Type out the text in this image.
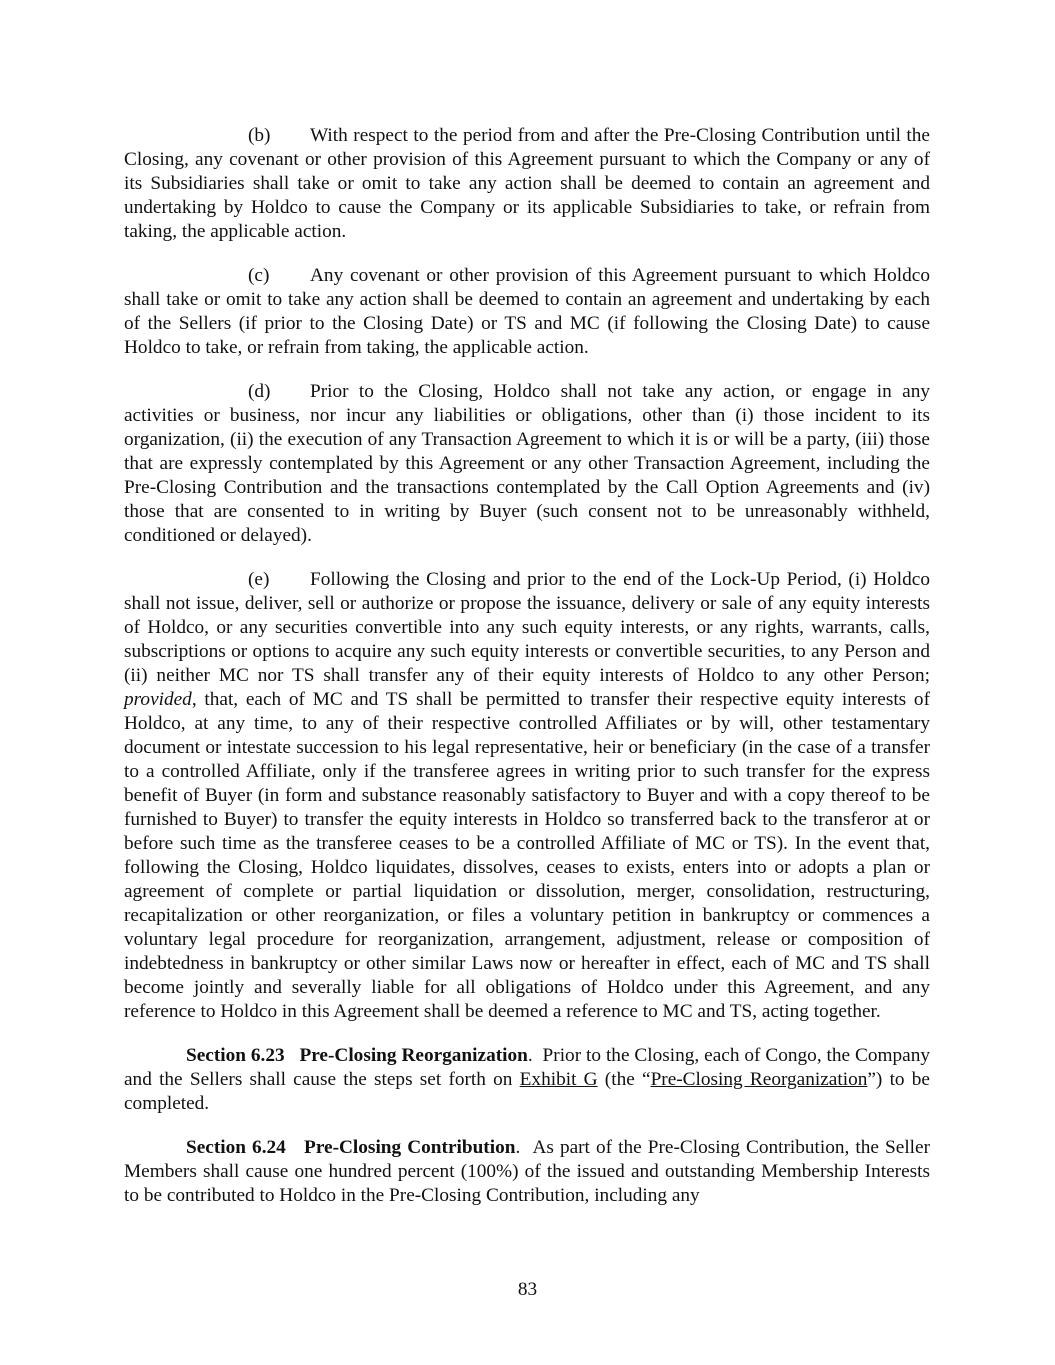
(b) With respect to the period from and after the Pre-Closing Contribution until the Closing, any covenant or other provision of this Agreement pursuant to which the Company or any of its Subsidiaries shall take or omit to take any action shall be deemed to contain an agreement and undertaking by Holdco to cause the Company or its applicable Subsidiaries to take, or refrain from taking, the applicable action.

(c) Any covenant or other provision of this Agreement pursuant to which Holdco shall take or omit to take any action shall be deemed to contain an agreement and undertaking by each of the Sellers (if prior to the Closing Date) or TS and MC (if following the Closing Date) to cause Holdco to take, or refrain from taking, the applicable action.

(d) Prior to the Closing, Holdco shall not take any action, or engage in any activities or business, nor incur any liabilities or obligations, other than (i) those incident to its organization, (ii) the execution of any Transaction Agreement to which it is or will be a party, (iii) those that are expressly contemplated by this Agreement or any other Transaction Agreement, including the Pre-Closing Contribution and the transactions contemplated by the Call Option Agreements and (iv) those that are consented to in writing by Buyer (such consent not to be unreasonably withheld, conditioned or delayed).

(e) Following the Closing and prior to the end of the Lock-Up Period, (i) Holdco shall not issue, deliver, sell or authorize or propose the issuance, delivery or sale of any equity interests of Holdco, or any securities convertible into any such equity interests, or any rights, warrants, calls, subscriptions or options to acquire any such equity interests or convertible securities, to any Person and (ii) neither MC nor TS shall transfer any of their equity interests of Holdco to any other Person; provided, that, each of MC and TS shall be permitted to transfer their respective equity interests of Holdco, at any time, to any of their respective controlled Affiliates or by will, other testamentary document or intestate succession to his legal representative, heir or beneficiary (in the case of a transfer to a controlled Affiliate, only if the transferee agrees in writing prior to such transfer for the express benefit of Buyer (in form and substance reasonably satisfactory to Buyer and with a copy thereof to be furnished to Buyer) to transfer the equity interests in Holdco so transferred back to the transferor at or before such time as the transferee ceases to be a controlled Affiliate of MC or TS). In the event that, following the Closing, Holdco liquidates, dissolves, ceases to exists, enters into or adopts a plan or agreement of complete or partial liquidation or dissolution, merger, consolidation, restructuring, recapitalization or other reorganization, or files a voluntary petition in bankruptcy or commences a voluntary legal procedure for reorganization, arrangement, adjustment, release or composition of indebtedness in bankruptcy or other similar Laws now or hereafter in effect, each of MC and TS shall become jointly and severally liable for all obligations of Holdco under this Agreement, and any reference to Holdco in this Agreement shall be deemed a reference to MC and TS, acting together.

Section 6.23 Pre-Closing Reorganization. Prior to the Closing, each of Congo, the Company and the Sellers shall cause the steps set forth on Exhibit G (the “Pre-Closing Reorganization”) to be completed.

Section 6.24 Pre-Closing Contribution. As part of the Pre-Closing Contribution, the Seller Members shall cause one hundred percent (100%) of the issued and outstanding Membership Interests to be contributed to Holdco in the Pre-Closing Contribution, including any

83
